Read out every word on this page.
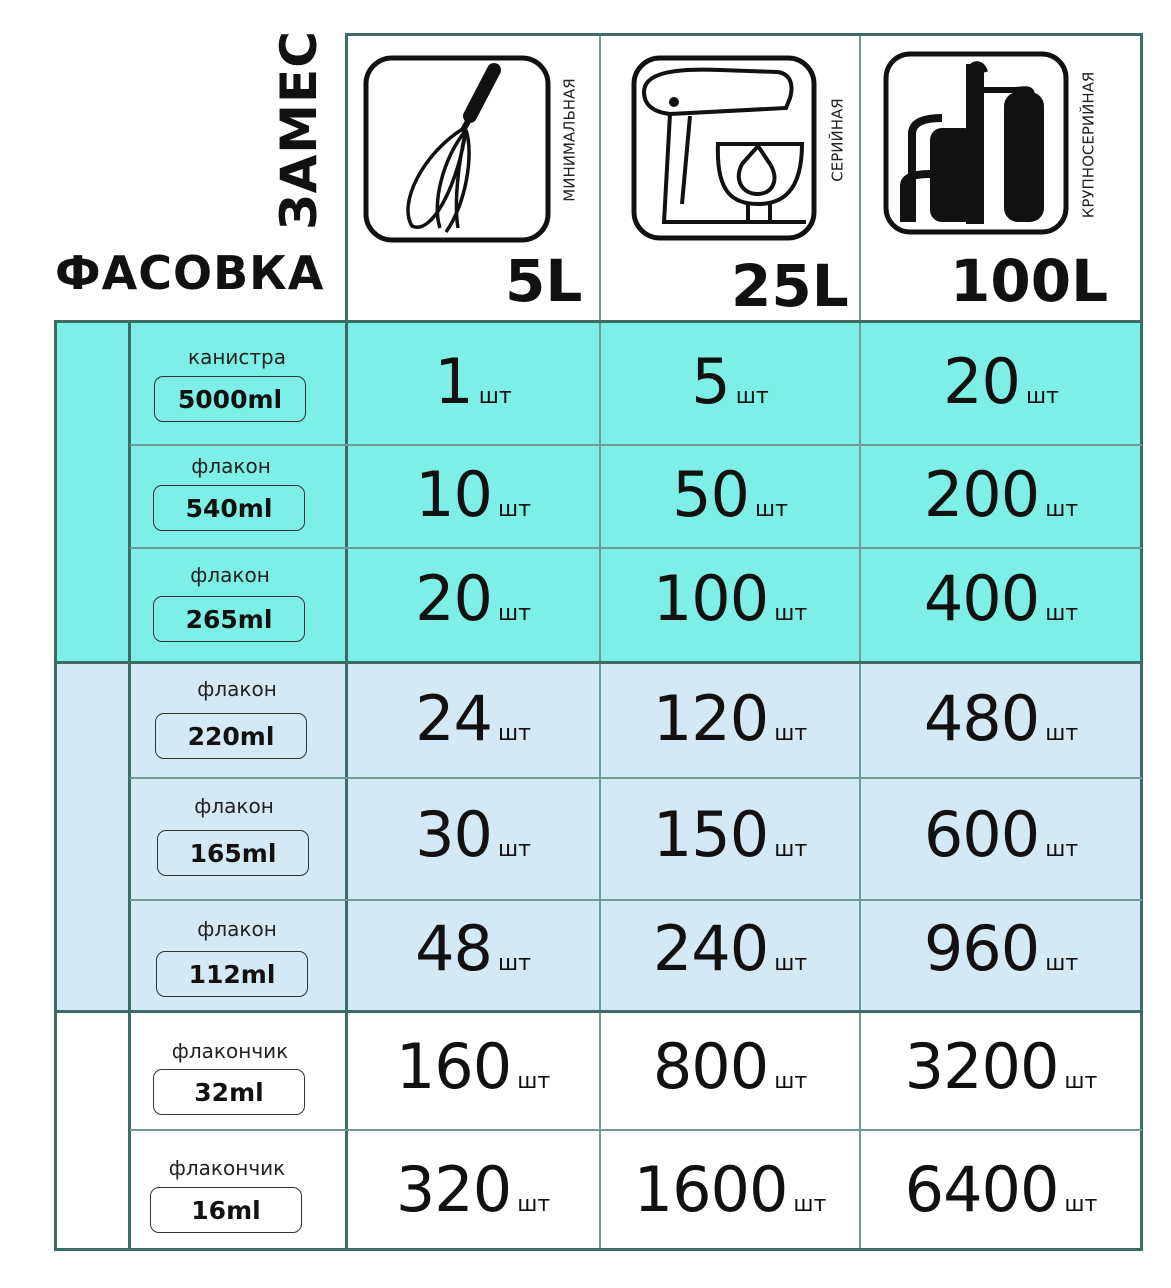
ЗАМЕС
ФАСОВКА
МИНИМАЛЬНАЯ
5L
СЕРИЙНАЯ
25L
КРУПНОСЕРИЙНАЯ
100L
канистра
5000ml	1 шт	5 шт	20 шт
флакон
540ml	10 шт 50 шт 200 шт
флакон
265ml	20 шт 100 шт 400 шт
флакон
220ml	24 шт 120 шт 480 шт
флакон
165ml	30 шт 150 шт 600 шт
флакон
112ml	48 шт 240 шт 960 шт
флакончик
32ml	160 шт 800 шт 3200 шт
флакончик
16ml	320 шт 1600 шт 6400 шт
